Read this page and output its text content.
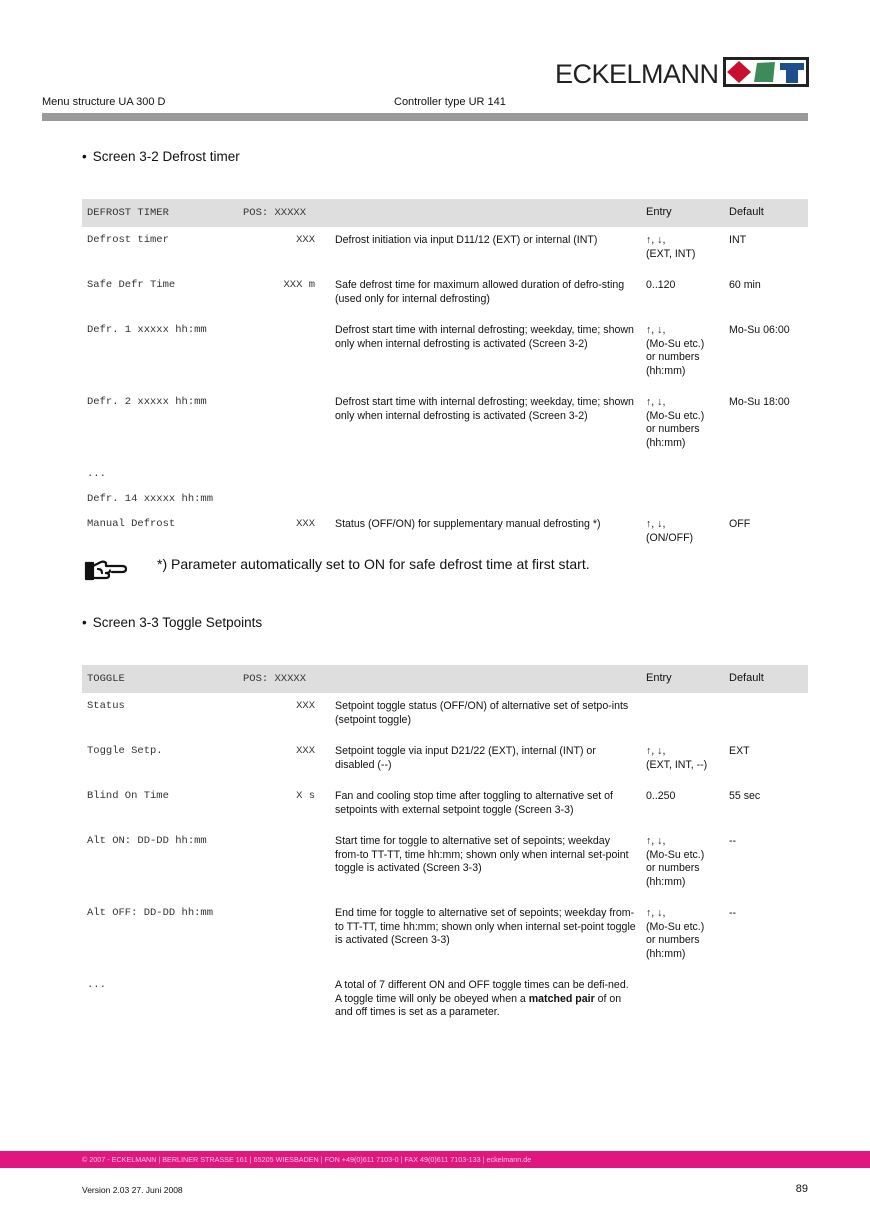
ECKELMANN
Menu structure UA 300 D	Controller type UR 141
• Screen 3-2 Defrost timer
DEFROST TIMER	POS: XXXXX		Entry	Default
Defrost timer	XXX	Defrost initiation via input D11/12 (EXT) or internal (INT)	↑, ↓,
(EXT, INT)	INT
Safe Defr Time	XXX m	Safe defrost time for maximum allowed duration of defro-sting (used only for internal defrosting)	0..120	60 min
Defr. 1 xxxxx hh:mm		Defrost start time with internal defrosting; weekday, time; shown only when internal defrosting is activated (Screen 3-2)	↑, ↓,
(Mo-Su etc.)
or numbers
(hh:mm)	Mo-Su 06:00
Defr. 2 xxxxx hh:mm		Defrost start time with internal defrosting; weekday, time; shown only when internal defrosting is activated (Screen 3-2)	↑, ↓,
(Mo-Su etc.)
or numbers
(hh:mm)	Mo-Su 18:00
...				
Defr. 14 xxxxx hh:mm				
Manual Defrost	XXX	Status (OFF/ON) for supplementary manual defrosting *)	↑, ↓,
(ON/OFF)	OFF
*) Parameter automatically set to ON for safe defrost time at first start.
• Screen 3-3 Toggle Setpoints
TOGGLE	POS: XXXXX		Entry	Default
Status	XXX	Setpoint toggle status (OFF/ON) of alternative set of setpo-ints (setpoint toggle)		
Toggle Setp.	XXX	Setpoint toggle via input D21/22 (EXT), internal (INT) or disabled (--)	↑, ↓,
(EXT, INT, --)	EXT
Blind On Time	X s	Fan and cooling stop time after toggling to alternative set of setpoints with external setpoint toggle (Screen 3-3)	0..250	55 sec
Alt ON: DD-DD hh:mm		Start time for toggle to alternative set of sepoints; weekday from-to TT-TT, time hh:mm; shown only when internal set-point toggle is activated (Screen 3-3)	↑, ↓,
(Mo-Su etc.)
or numbers
(hh:mm)	--
Alt OFF: DD-DD hh:mm		End time for toggle to alternative set of sepoints; weekday from-to TT-TT, time hh:mm; shown only when internal set-point toggle is activated (Screen 3-3)	↑, ↓,
(Mo-Su etc.)
or numbers
(hh:mm)	--
...		A total of 7 different ON and OFF toggle times can be defi-ned. A toggle time will only be obeyed when a matched pair of on and off times is set as a parameter.		
© 2007 - ECKELMANN | BERLINER STRASSE 161 | 65205 WIESBADEN | FON +49(0)611 7103-0 | FAX 49(0)611 7103-133 | eckelmann.de
Version 2.03 27. Juni 2008	89
